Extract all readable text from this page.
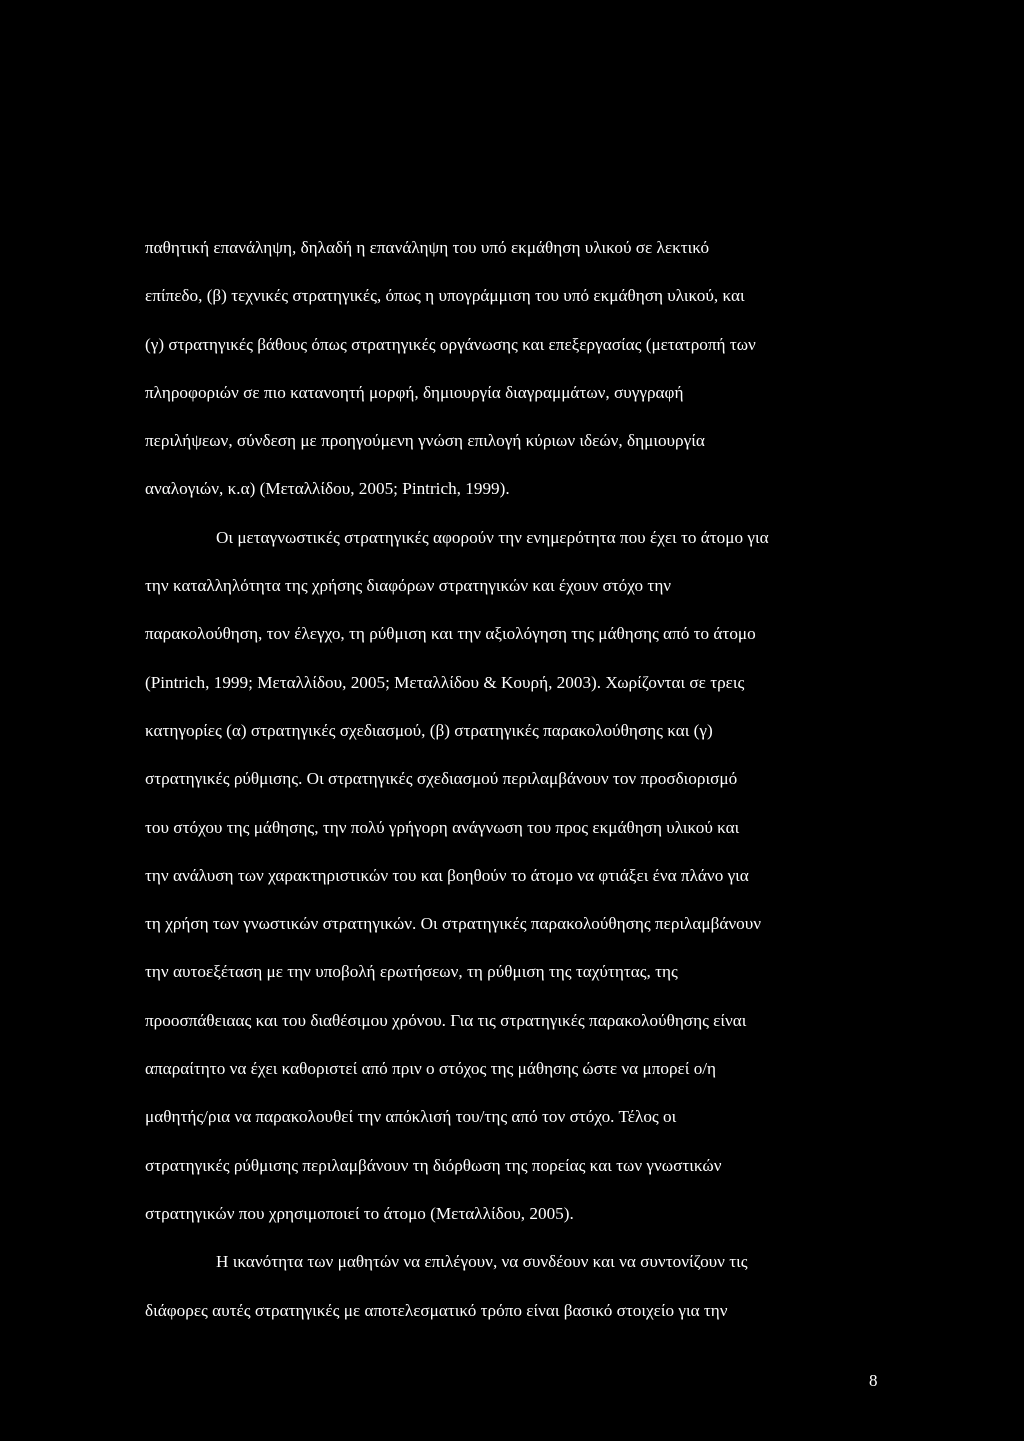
παθητική επανάληψη, δηλαδή η επανάληψη του υπό εκμάθηση υλικού σε λεκτικό
επίπεδο, (β) τεχνικές στρατηγικές, όπως η υπογράμμιση του υπό εκμάθηση υλικού, και
(γ) στρατηγικές βάθους όπως στρατηγικές οργάνωσης και επεξεργασίας (μετατροπή των
πληροφοριών σε πιο κατανοητή μορφή, δημιουργία διαγραμμάτων, συγγραφή
περιλήψεων, σύνδεση με προηγούμενη γνώση επιλογή κύριων ιδεών, δημιουργία
αναλογιών, κ.α) (Μεταλλίδου, 2005; Pintrich, 1999).

Οι μεταγνωστικές στρατηγικές αφορούν την ενημερότητα που έχει το άτομο για
την καταλληλότητα της χρήσης διαφόρων στρατηγικών και έχουν στόχο την
παρακολούθηση, τον έλεγχο, τη ρύθμιση και την αξιολόγηση της μάθησης από το άτομο
(Pintrich, 1999; Μεταλλίδου, 2005; Μεταλλίδου & Κουρή, 2003). Χωρίζονται σε τρεις
κατηγορίες (α) στρατηγικές σχεδιασμού, (β) στρατηγικές παρακολούθησης και (γ)
στρατηγικές ρύθμισης. Οι στρατηγικές σχεδιασμού περιλαμβάνουν τον προσδιορισμό
του στόχου της μάθησης, την πολύ γρήγορη ανάγνωση του προς εκμάθηση υλικού και
την ανάλυση των χαρακτηριστικών του και βοηθούν το άτομο να φτιάξει ένα πλάνο για
τη χρήση των γνωστικών στρατηγικών. Οι στρατηγικές παρακολούθησης περιλαμβάνουν
την αυτοεξέταση με την υποβολή ερωτήσεων, τη ρύθμιση της ταχύτητας, της
προοσπάθειαας και του διαθέσιμου χρόνου. Για τις στρατηγικές παρακολούθησης είναι
απαραίτητο να έχει καθοριστεί από πριν ο στόχος της μάθησης ώστε να μπορεί ο/η
μαθητής/ρια να παρακολουθεί την απόκλισή του/της από τον στόχο. Τέλος οι
στρατηγικές ρύθμισης περιλαμβάνουν τη διόρθωση της πορείας και των γνωστικών
στρατηγικών που χρησιμοποιεί το άτομο (Μεταλλίδου, 2005).

Η ικανότητα των μαθητών να επιλέγουν, να συνδέουν και να συντονίζουν τις
διάφορες αυτές στρατηγικές με αποτελεσματικό τρόπο είναι βασικό στοιχείο για την

8
